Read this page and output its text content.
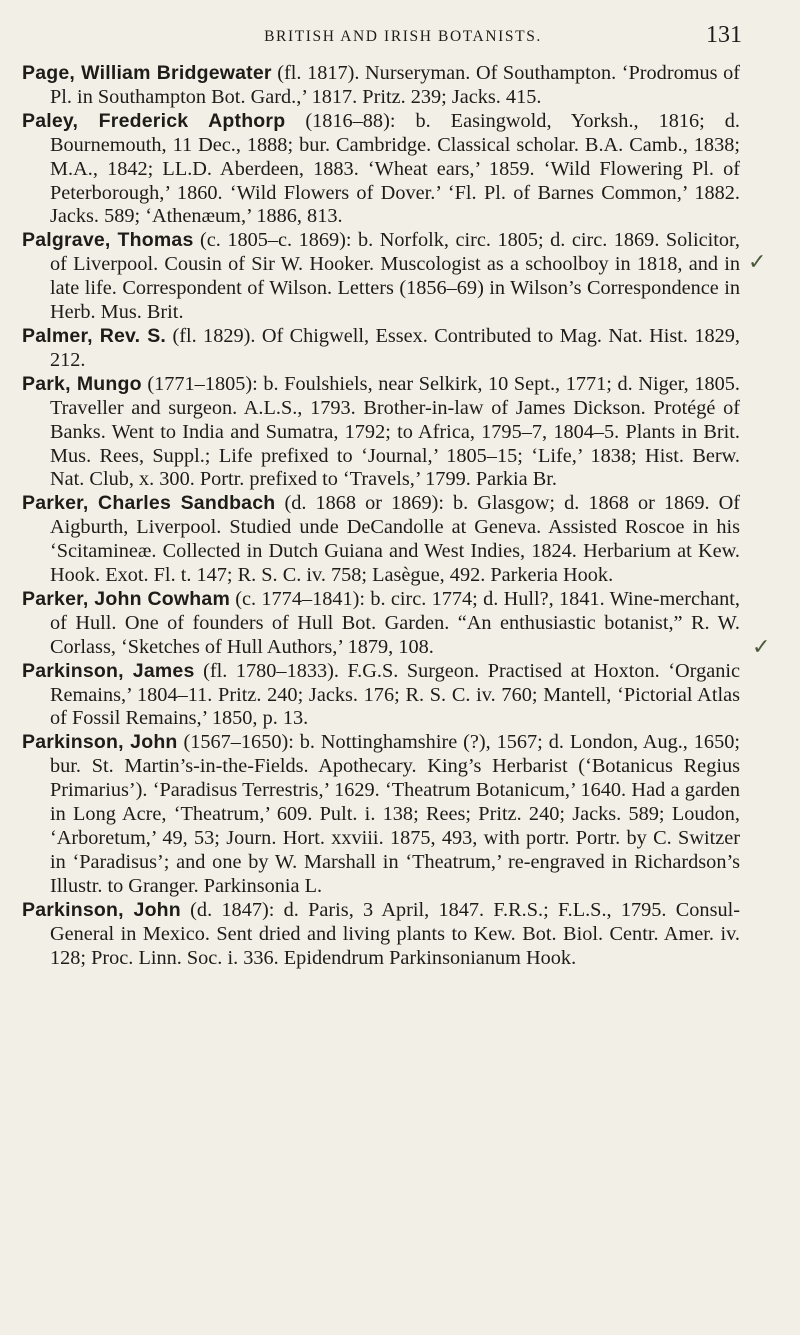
BRITISH AND IRISH BOTANISTS.	131
✓
✓

Page, William Bridgewater (fl. 1817). Nurseryman. Of Southampton. ‘Prodromus of Pl. in Southampton Bot. Gard.,’ 1817. Pritz. 239; Jacks. 415.

Paley, Frederick Apthorp (1816–88): b. Easingwold, Yorksh., 1816; d. Bournemouth, 11 Dec., 1888; bur. Cambridge. Classical scholar. B.A. Camb., 1838; M.A., 1842; LL.D. Aberdeen, 1883. ‘Wheat ears,’ 1859. ‘Wild Flowering Pl. of Peterborough,’ 1860. ‘Wild Flowers of Dover.’ ‘Fl. Pl. of Barnes Common,’ 1882. Jacks. 589; ‘Athenæum,’ 1886, 813.

Palgrave, Thomas (c. 1805–c. 1869): b. Norfolk, circ. 1805; d. circ. 1869. Solicitor, of Liverpool. Cousin of Sir W. Hooker. Muscologist as a schoolboy in 1818, and in late life. Correspondent of Wilson. Letters (1856–69) in Wilson’s Correspondence in Herb. Mus. Brit.

Palmer, Rev. S. (fl. 1829). Of Chigwell, Essex. Contributed to Mag. Nat. Hist. 1829, 212.

Park, Mungo (1771–1805): b. Foulshiels, near Selkirk, 10 Sept., 1771; d. Niger, 1805. Traveller and surgeon. A.L.S., 1793. Brother-in-law of James Dickson. Protégé of Banks. Went to India and Sumatra, 1792; to Africa, 1795–7, 1804–5. Plants in Brit. Mus. Rees, Suppl.; Life prefixed to ‘Journal,’ 1805–15; ‘Life,’ 1838; Hist. Berw. Nat. Club, x. 300. Portr. prefixed to ‘Travels,’ 1799. Parkia Br.

Parker, Charles Sandbach (d. 1868 or 1869): b. Glasgow; d. 1868 or 1869. Of Aigburth, Liverpool. Studied unde DeCandolle at Geneva. Assisted Roscoe in his ‘Scitamineæ. Collected in Dutch Guiana and West Indies, 1824. Herbarium at Kew. Hook. Exot. Fl. t. 147; R. S. C. iv. 758; Lasègue, 492. Parkeria Hook.

Parker, John Cowham (c. 1774–1841): b. circ. 1774; d. Hull?, 1841. Wine-merchant, of Hull. One of founders of Hull Bot. Garden. “An enthusiastic botanist,” R. W. Corlass, ‘Sketches of Hull Authors,’ 1879, 108.

Parkinson, James (fl. 1780–1833). F.G.S. Surgeon. Practised at Hoxton. ‘Organic Remains,’ 1804–11. Pritz. 240; Jacks. 176; R. S. C. iv. 760; Mantell, ‘Pictorial Atlas of Fossil Remains,’ 1850, p. 13.

Parkinson, John (1567–1650): b. Nottinghamshire (?), 1567; d. London, Aug., 1650; bur. St. Martin’s-in-the-Fields. Apothecary. King’s Herbarist (‘Botanicus Regius Primarius’). ‘Paradisus Terrestris,’ 1629. ‘Theatrum Botanicum,’ 1640. Had a garden in Long Acre, ‘Theatrum,’ 609. Pult. i. 138; Rees; Pritz. 240; Jacks. 589; Loudon, ‘Arboretum,’ 49, 53; Journ. Hort. xxviii. 1875, 493, with portr. Portr. by C. Switzer in ‘Paradisus’; and one by W. Marshall in ‘Theatrum,’ re-engraved in Richardson’s Illustr. to Granger. Parkinsonia L.

Parkinson, John (d. 1847): d. Paris, 3 April, 1847. F.R.S.; F.L.S., 1795. Consul-General in Mexico. Sent dried and living plants to Kew. Bot. Biol. Centr. Amer. iv. 128; Proc. Linn. Soc. i. 336. Epidendrum Parkinsonianum Hook.
